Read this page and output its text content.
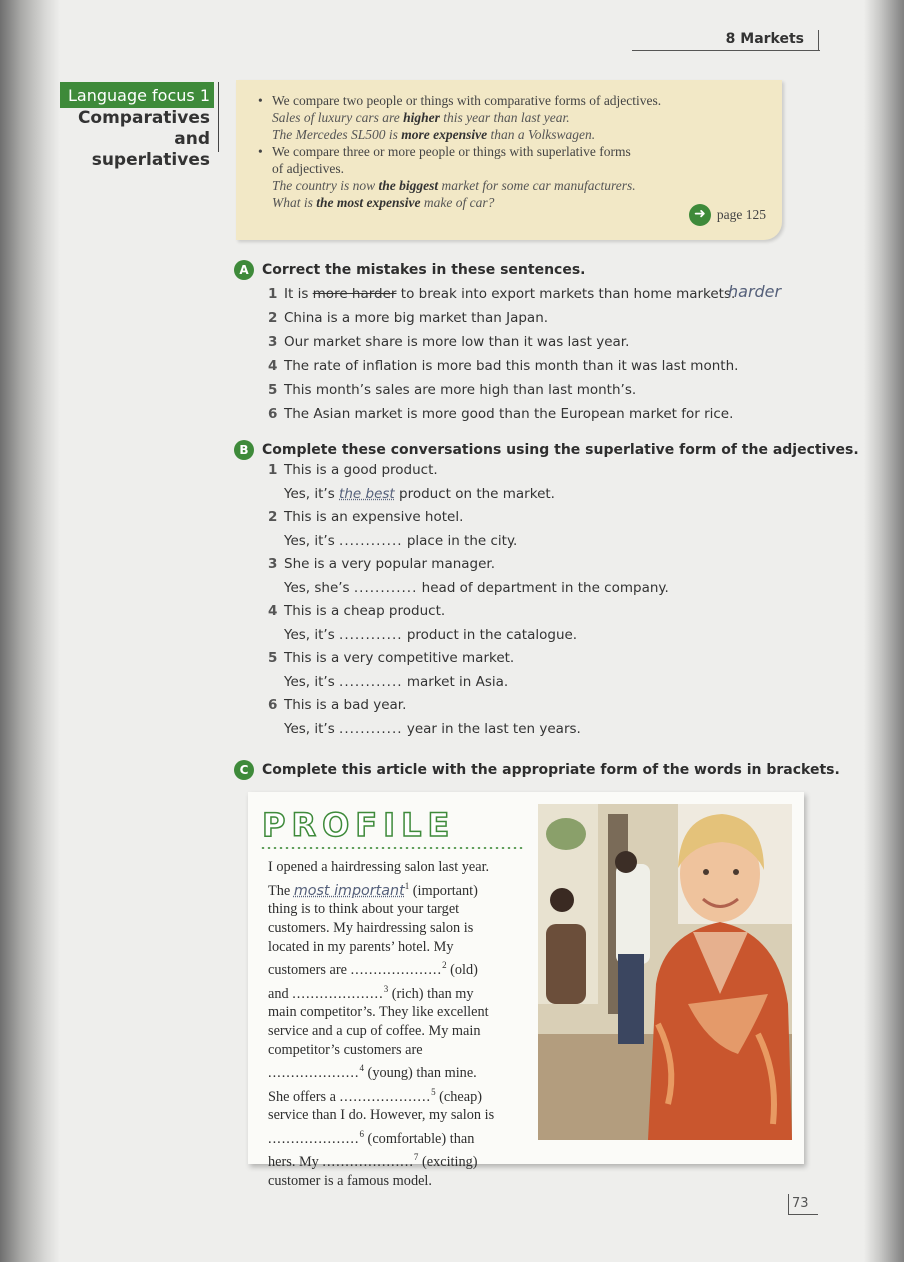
8 Markets
Language focus 1
Comparatives and
superlatives
• We compare two people or things with comparative forms of adjectives.
Sales of luxury cars are higher this year than last year.
The Mercedes SL500 is more expensive than a Volkswagen.
• We compare three or more people or things with superlative forms
of adjectives.
The country is now the biggest market for some car manufacturers.
What is the most expensive make of car?
➜ page 125
A Correct the mistakes in these sentences.
1 It is more harder to break into export markets than home markets.
2 China is a more big market than Japan.
3 Our market share is more low than it was last year.
4 The rate of inflation is more bad this month than it was last month.
5 This month’s sales are more high than last month’s.
6 The Asian market is more good than the European market for rice.
harder
B Complete these conversations using the superlative form of the adjectives.
1 This is a good product.
Yes, it’s the best product on the market.
2 This is an expensive hotel.
Yes, it’s ............ place in the city.
3 She is a very popular manager.
Yes, she’s ............ head of department in the company.
4 This is a cheap product.
Yes, it’s ............ product in the catalogue.
5 This is a very competitive market.
Yes, it’s ............ market in Asia.
6 This is a bad year.
Yes, it’s ............ year in the last ten years.
C Complete this article with the appropriate form of the words in brackets.
PROFILE
I opened a hairdressing salon last year.
The most important$^1$ (important)
thing is to think about your target
customers. My hairdressing salon is
located in my parents’ hotel. My
customers are ....................$^2$ (old)
and ....................$^3$ (rich) than my
main competitor’s. They like excellent
service and a cup of coffee. My main
competitor’s customers are
....................$^4$ (young) than mine.
She offers a ....................$^5$ (cheap)
service than I do. However, my salon is
....................$^6$ (comfortable) than
hers. My ....................$^7$ (exciting)
customer is a famous model.
73
